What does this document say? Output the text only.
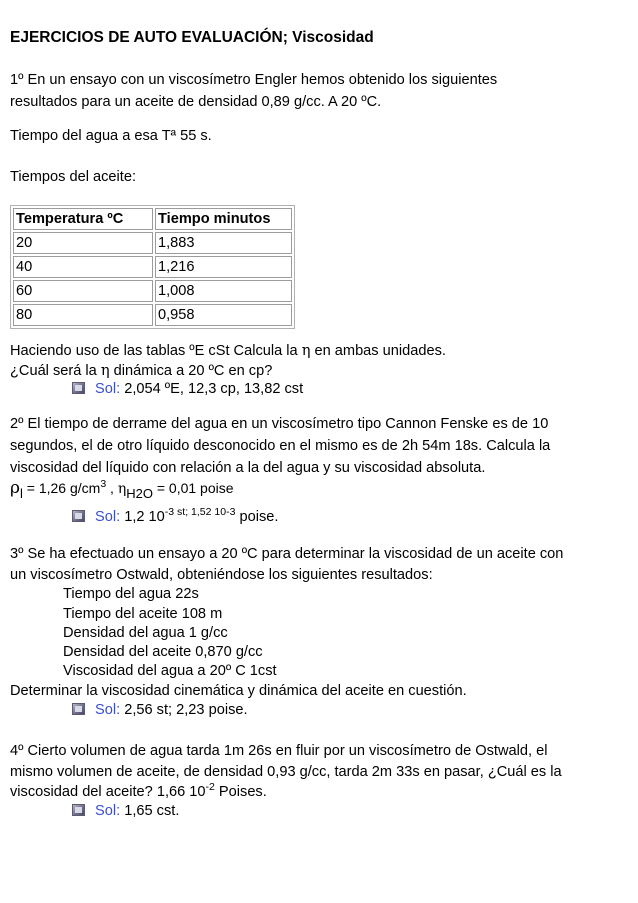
EJERCICIOS DE AUTO EVALUACIÓN; Viscosidad
1º En un ensayo con un viscosímetro Engler hemos obtenido los siguientes
resultados para un aceite de densidad 0,89 g/cc. A 20 ºC.
Tiempo del agua a esa Tª 55 s.
Tiempos del aceite:
Temperatura ºC	Tiempo minutos
20	1,883
40	1,216
60	1,008
80	0,958
Haciendo uso de las tablas ºE cSt Calcula la η en ambas unidades.
¿Cuál será la η dinámica a 20 ºC en cp?
Sol: 2,054 ºE, 12,3 cp, 13,82 cst
2º El tiempo de derrame del agua en un viscosímetro tipo Cannon Fenske es de 10
segundos, el de otro líquido desconocido en el mismo es de 2h 54m 18s. Calcula la
viscosidad del líquido con relación a la del agua y su viscosidad absoluta.
ρl = 1,26 $g/cm^3$ , ηH2O = 0,01 poise
Sol: 1,2 $10^{-3 st; 1,52 10-3}$ poise.
3º Se ha efectuado un ensayo a 20 ºC para determinar la viscosidad de un aceite con
un viscosímetro Ostwald, obteniéndose los siguientes resultados:
Tiempo del agua 22s
Tiempo del aceite 108 m
Densidad del agua 1 g/cc
Densidad del aceite 0,870 g/cc
Viscosidad del agua a 20º C 1cst
Determinar la viscosidad cinemática y dinámica del aceite en cuestión.
Sol: 2,56 st; 2,23 poise.
4º Cierto volumen de agua tarda 1m 26s en fluir por un viscosímetro de Ostwald, el
mismo volumen de aceite, de densidad 0,93 g/cc, tarda 2m 33s en pasar, ¿Cuál es la
viscosidad del aceite? 1,66 $10^{-2}$ Poises.
Sol: 1,65 cst.
